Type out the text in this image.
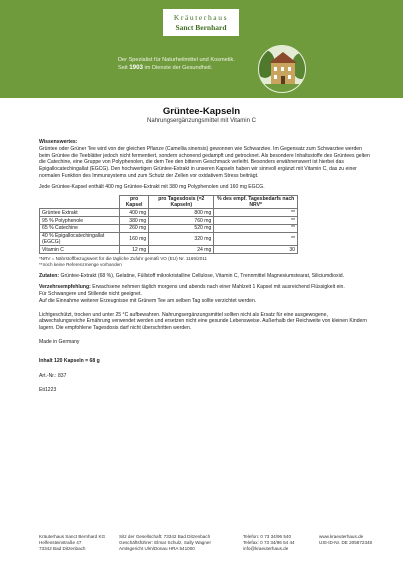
Kräuterhaus
Sanct Bernhard
Der Spezialist für Naturheilmittel und Kosmetik.
Seit 1903 im Dienste der Gesundheit.
Grüntee-Kapseln
Nahrungsergänzungsmittel mit Vitamin C

Wissenswertes:
Grüntee oder Grüner Tee wird von der gleichen Pflanze (Camellia sinensis) gewonnen wie Schwarztee. Im Gegensatz zum Schwarztee werden beim Grüntee die Teeblätter jedoch nicht fermentiert, sondern schonend gedampft und getrocknet. Als besondere Inhaltsstoffe des Grüntees gelten die Catechine, eine Gruppe von Polyphenolen, die dem Tee den bitteren Geschmack verleiht. Besonders erwähnenswert ist hierbei das Epigallocatechingallat (EGCG). Den hochwertigen Grüntee-Extrakt in unseren Kapseln haben wir sinnvoll ergänzt mit Vitamin C, das zu einer normalen Funktion des Immunsystems und zum Schutz der Zellen vor oxidativem Stress beiträgt.

Jede Grüntee-Kapsel enthält 400 mg Grüntee-Extrakt mit 380 mg Polyphenolen und 160 mg EGCG.

	pro Kapsel	pro Tagesdosis (=2 Kapseln)	% des empf. Tagesbedarfs nach NRV*
Grüntee Extrakt	400 mg	800 mg	**
95 % Polyphenole	380 mg	760 mg	**
65 % Catechine	260 mg	520 mg	**
40 % Epigallocatechingallat (EGCG)	160 mg	320 mg	**
Vitamin C	12 mg	24 mg	30
*NRV = Nährstoffbezugswert für die tägliche Zufuhr gemäß VO (EU) Nr. 1169/2011
**noch keine Referenzmenge vorhanden

Zutaten: Grüntee-Extrakt (68 %), Gelatine, Füllstoff mikrokristalline Cellulose, Vitamin C, Trennmittel Magnesiumstearat, Siliciumdioxid.

Verzehrsempfehlung: Erwachsene nehmen täglich morgens und abends nach einer Mahlzeit 1 Kapsel mit ausreichend Flüssigkeit ein.
Für Schwangere und Stillende nicht geeignet.
Auf die Einnahme weiterer Erzeugnisse mit Grünem Tee am selben Tag sollte verzichtet werden.

Lichtgeschützt, trocken und unter 25 °C aufbewahren. Nahrungsergänzungsmittel sollten nicht als Ersatz für eine ausgewogene, abwechslungsreiche Ernährung verwendet werden und ersetzen nicht eine gesunde Lebensweise. Außerhalb der Reichweite von kleinen Kindern lagern. Die empfohlene Tagesdosis darf nicht überschritten werden.

Made in Germany

Inhalt 120 Kapseln = 68 g

Art.-Nr.: 837

Eti1223

Kräuterhaus Sanct Bernhard KG
Helfensteinstraße 47
73342 Bad Ditzenbach
Sitz der Gesellschaft: 73342 Bad Ditzenbach
Geschäftsführer: Elmar Schulz, Sally Wagner
Amtsgericht Ulm/Donau HRA 541000
Telefon: 0 73 34/96 540
Telefax: 0 73 34/96 54 44
info@kraeuterhaus.de
www.kraeuterhaus.de
USt-ID-Nr. DE 205872348
